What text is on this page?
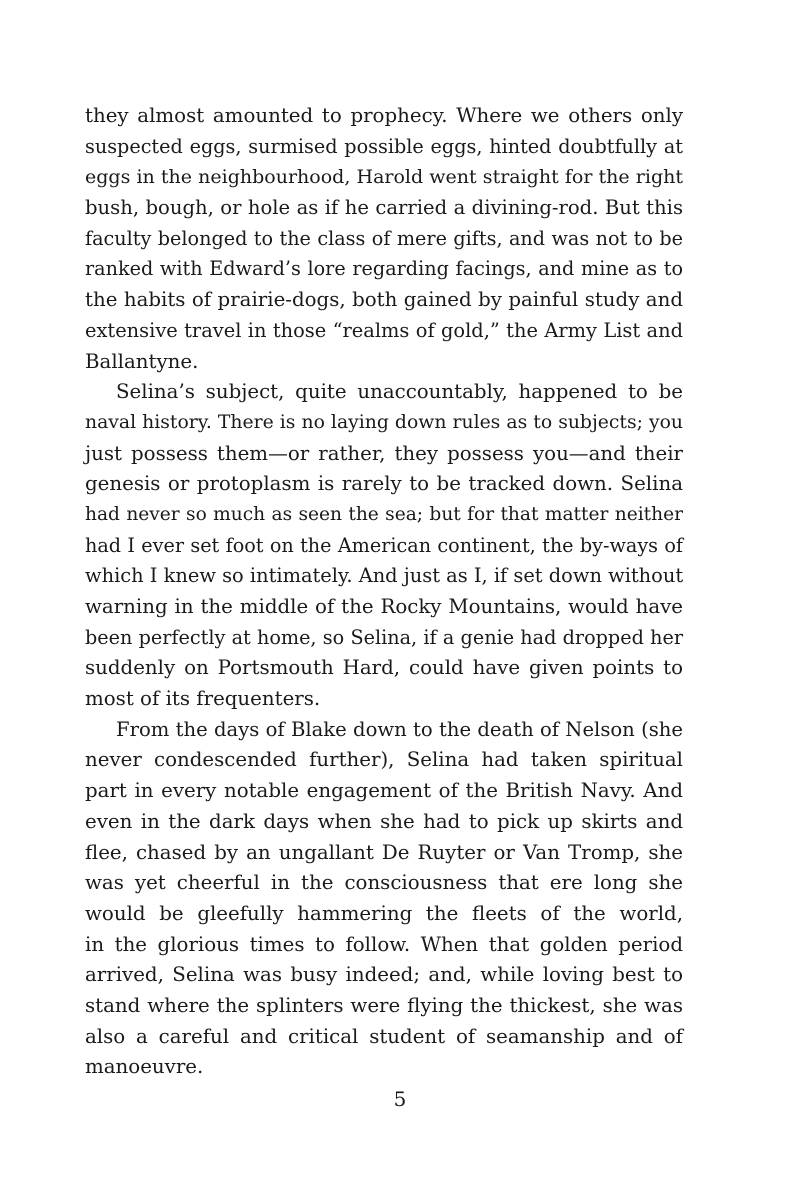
they almost amounted to prophecy. Where we others only
suspected eggs, surmised possible eggs, hinted doubtfully at
eggs in the neighbourhood, Harold went straight for the right
bush, bough, or hole as if he carried a divining-rod. But this
faculty belonged to the class of mere gifts, and was not to be
ranked with Edward’s lore regarding facings, and mine as to
the habits of prairie-dogs, both gained by painful study and
extensive travel in those “realms of gold,” the Army List and
Ballantyne.
Selina’s subject, quite unaccountably, happened to be
naval history. There is no laying down rules as to subjects; you
just possess them—or rather, they possess you—and their
genesis or protoplasm is rarely to be tracked down. Selina
had never so much as seen the sea; but for that matter neither
had I ever set foot on the American continent, the by-ways of
which I knew so intimately. And just as I, if set down without
warning in the middle of the Rocky Mountains, would have
been perfectly at home, so Selina, if a genie had dropped her
suddenly on Portsmouth Hard, could have given points to
most of its frequenters.
From the days of Blake down to the death of Nelson (she
never condescended further), Selina had taken spiritual
part in every notable engagement of the British Navy. And
even in the dark days when she had to pick up skirts and
flee, chased by an ungallant De Ruyter or Van Tromp, she
was yet cheerful in the consciousness that ere long she
would be gleefully hammering the fleets of the world,
in the glorious times to follow. When that golden period
arrived, Selina was busy indeed; and, while loving best to
stand where the splinters were flying the thickest, she was
also a careful and critical student of seamanship and of
manoeuvre.
5
